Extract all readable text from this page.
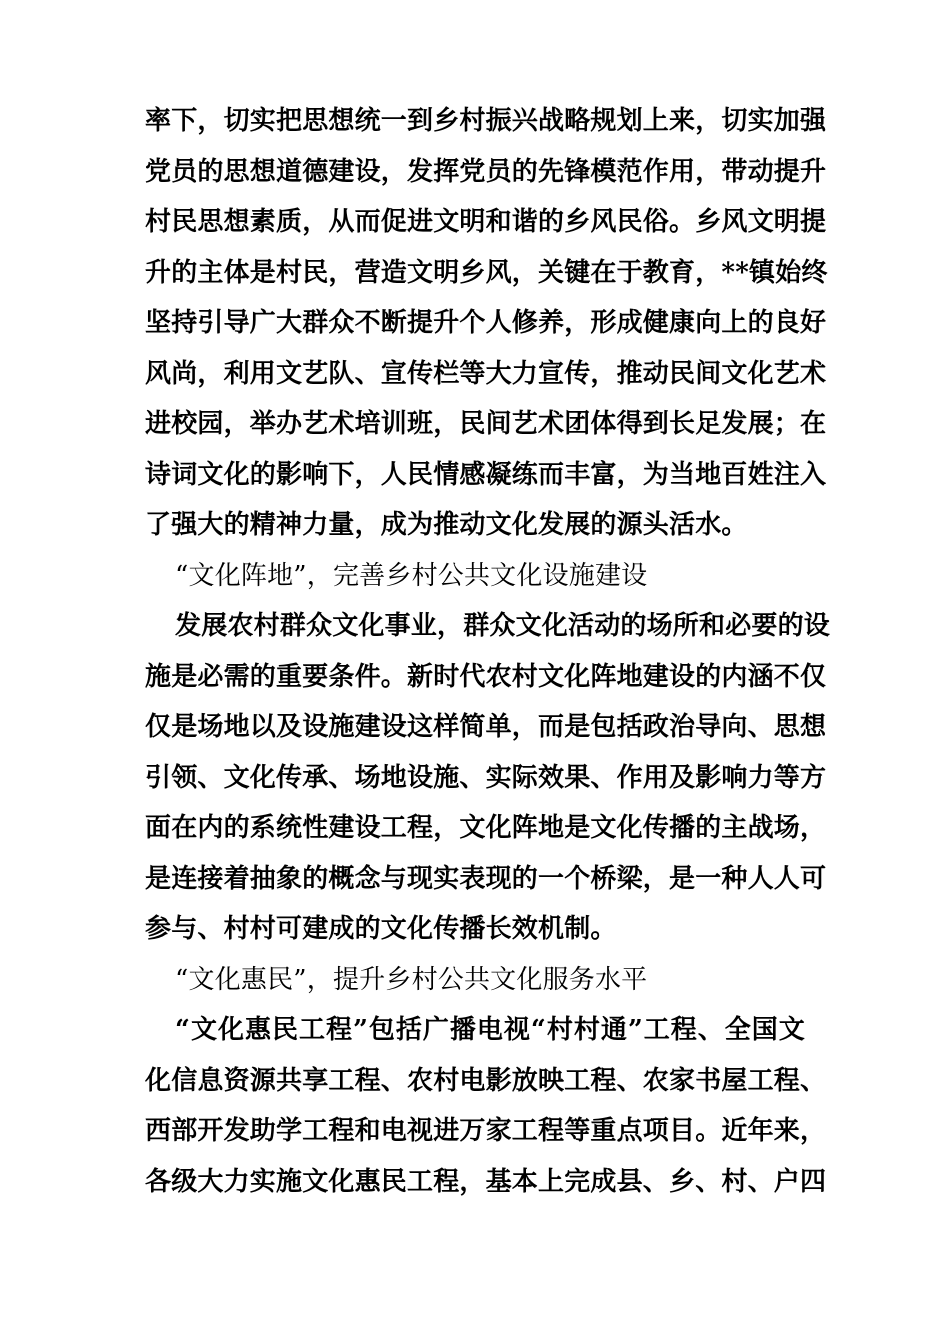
率下，切实把思想统一到乡村振兴战略规划上来，切实加强
党员的思想道德建设，发挥党员的先锋模范作用，带动提升
村民思想素质，从而促进文明和谐的乡风民俗。乡风文明提
升的主体是村民，营造文明乡风，关键在于教育，**镇始终
坚持引导广大群众不断提升个人修养，形成健康向上的良好
风尚，利用文艺队、宣传栏等大力宣传，推动民间文化艺术
进校园，举办艺术培训班，民间艺术团体得到长足发展；在
诗词文化的影响下，人民情感凝练而丰富，为当地百姓注入
了强大的精神力量，成为推动文化发展的源头活水。
“文化阵地”，完善乡村公共文化设施建设
发展农村群众文化事业，群众文化活动的场所和必要的设
施是必需的重要条件。新时代农村文化阵地建设的内涵不仅
仅是场地以及设施建设这样简单，而是包括政治导向、思想
引领、文化传承、场地设施、实际效果、作用及影响力等方
面在内的系统性建设工程，文化阵地是文化传播的主战场，
是连接着抽象的概念与现实表现的一个桥梁，是一种人人可
参与、村村可建成的文化传播长效机制。
“文化惠民”，提升乡村公共文化服务水平
“文化惠民工程”包括广播电视“村村通”工程、全国文
化信息资源共享工程、农村电影放映工程、农家书屋工程、
西部开发助学工程和电视进万家工程等重点项目。近年来，
各级大力实施文化惠民工程，基本上完成县、乡、村、户四
